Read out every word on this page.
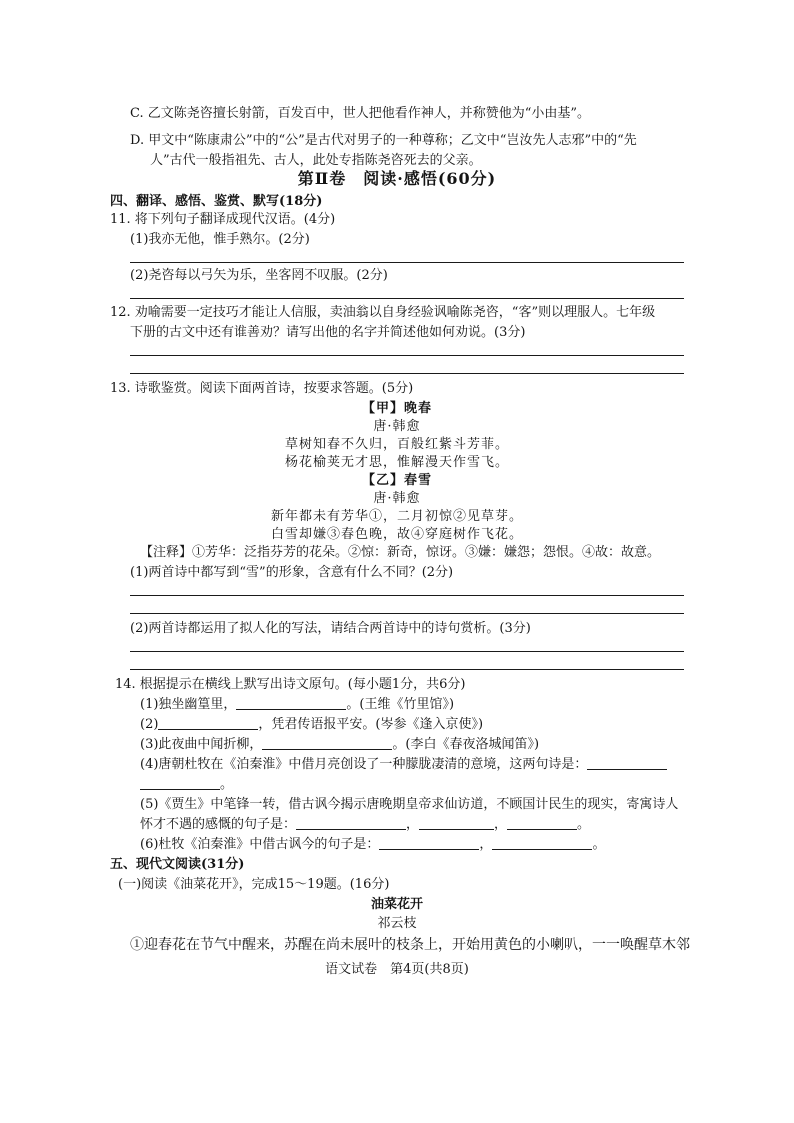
C. 乙文陈尧咨擅长射箭，百发百中，世人把他看作神人，并称赞他为“小由基”。
D. 甲文中“陈康肃公”中的“公”是古代对男子的一种尊称；乙文中“岂汝先人志邪”中的“先
人”古代一般指祖先、古人，此处专指陈尧咨死去的父亲。
第Ⅱ卷　阅读·感悟(60分)
四、翻译、感悟、鉴赏、默写(18分)
11. 将下列句子翻译成现代汉语。(4分)
(1)我亦无他，惟手熟尔。(2分)
(2)尧咨每以弓矢为乐，坐客罔不叹服。(2分)
12. 劝喻需要一定技巧才能让人信服，卖油翁以自身经验讽喻陈尧咨，“客”则以理服人。七年级
下册的古文中还有谁善劝？请写出他的名字并简述他如何劝说。(3分)
13. 诗歌鉴赏。阅读下面两首诗，按要求答题。(5分)
【甲】晚春
唐·韩愈
草树知春不久归，百般红紫斗芳菲。
杨花榆荚无才思，惟解漫天作雪飞。
【乙】春雪
唐·韩愈
新年都未有芳华①，二月初惊②见草芽。
白雪却嫌③春色晚，故④穿庭树作飞花。
【注释】①芳华：泛指芬芳的花朵。②惊：新奇，惊讶。③嫌：嫌怨；怨恨。④故：故意。
(1)两首诗中都写到“雪”的形象，含意有什么不同？(2分)
(2)两首诗都运用了拟人化的写法，请结合两首诗中的诗句赏析。(3分)
14. 根据提示在横线上默写出诗文原句。(每小题1分，共6分)
(1)独坐幽篁里，	。(王维《竹里馆》)
(2)	，凭君传语报平安。(岑参《逢入京使》)
(3)此夜曲中闻折柳，	。(李白《春夜洛城闻笛》)
(4)唐朝杜牧在《泊秦淮》中借月亮创设了一种朦胧凄清的意境，这两句诗是：
。
(5)《贾生》中笔锋一转，借古讽今揭示唐晚期皇帝求仙访道，不顾国计民生的现实，寄寓诗人
怀才不遇的感慨的句子是：	，	，	。
(6)杜牧《泊秦淮》中借古讽今的句子是：	，	。
五、现代文阅读(31分)
(一)阅读《油菜花开》，完成15～19题。(16分)
油菜花开
祁云枝
①迎春花在节气中醒来，苏醒在尚未展叶的枝条上，开始用黄色的小喇叭，一一唤醒草木邻
语文试卷　第4页(共8页)
